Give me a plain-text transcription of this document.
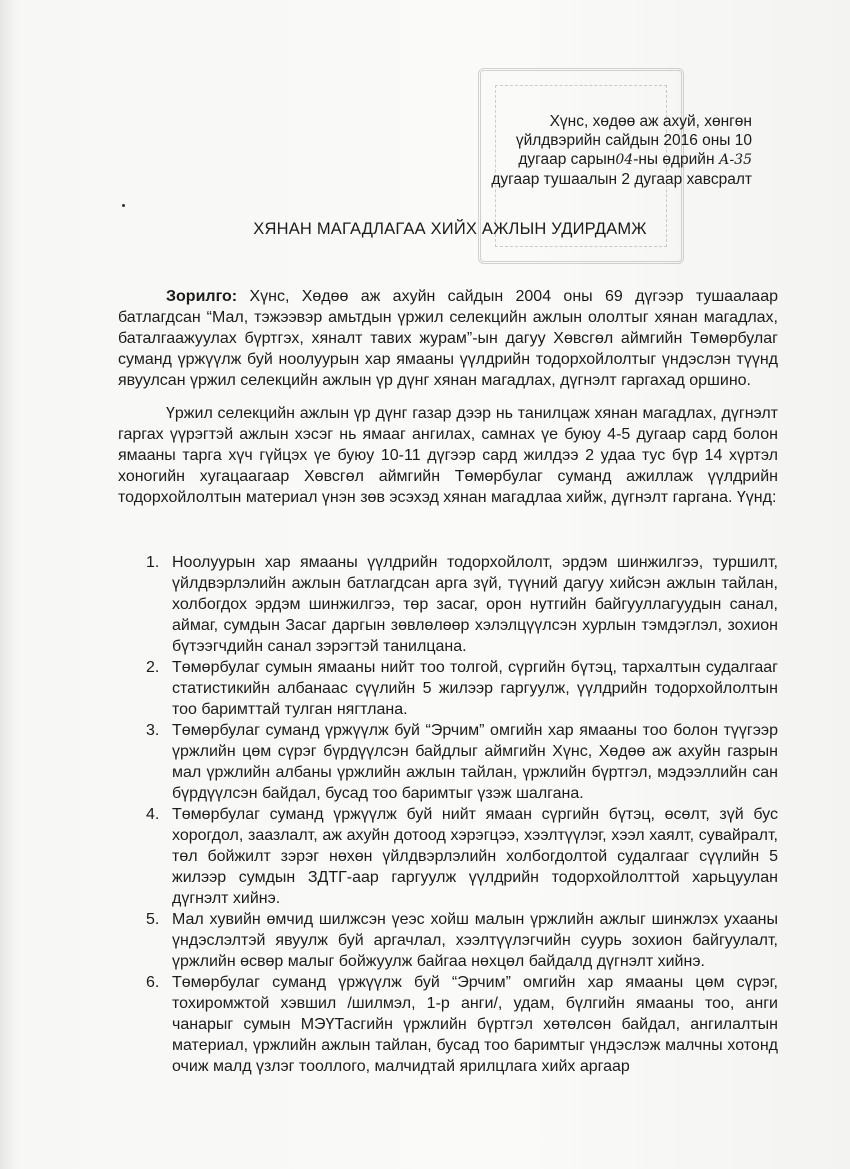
Хүнс, хөдөө аж ахуй, хөнгөн
үйлдвэрийн сайдын 2016 оны 10
дугаар сарын04-ны өдрийн А-35
дугаар тушаалын 2 дугаар хавсралт
ХЯНАН МАГАДЛАГАА ХИЙХ АЖЛЫН УДИРДАМЖ
Зорилго: Хүнс, Хөдөө аж ахуйн сайдын 2004 оны 69 дүгээр тушаалаар батлагдсан “Мал, тэжээвэр амьтдын үржил селекцийн ажлын ололтыг хянан магадлах, баталгаажуулах бүртгэх, хяналт тавих журам”-ын дагуу Хөвсгөл аймгийн Төмөрбулаг суманд үржүүлж буй ноолуурын хар ямааны үүлдрийн тодорхойлолтыг үндэслэн түүнд явуулсан үржил селекцийн ажлын үр дүнг хянан магадлах, дүгнэлт гаргахад оршино.
Үржил селекцийн ажлын үр дүнг газар дээр нь танилцаж хянан магадлах, дүгнэлт гаргах үүрэгтэй ажлын хэсэг нь ямааг ангилах, самнах үе буюу 4-5 дугаар сард болон ямааны тарга хүч гүйцэх үе буюу 10-11 дүгээр сард жилдээ 2 удаа тус бүр 14 хүртэл хоногийн хугацаагаар Хөвсгөл аймгийн Төмөрбулаг суманд ажиллаж үүлдрийн тодорхойлолтын материал үнэн зөв эсэхэд хянан магадлаа хийж, дүгнэлт гаргана. Үүнд:
1. Ноолуурын хар ямааны үүлдрийн тодорхойлолт, эрдэм шинжилгээ, туршилт, үйлдвэрлэлийн ажлын батлагдсан арга зүй, түүний дагуу хийсэн ажлын тайлан, холбогдох эрдэм шинжилгээ, төр засаг, орон нутгийн байгууллагуудын санал, аймаг, сумдын Засаг даргын зөвлөлөөр хэлэлцүүлсэн хурлын тэмдэглэл, зохион бүтээгчдийн санал зэрэгтэй танилцана.
2. Төмөрбулаг сумын ямааны нийт тоо толгой, сүргийн бүтэц, тархалтын судалгааг статистикийн албанаас сүүлийн 5 жилээр гаргуулж, үүлдрийн тодорхойлолтын тоо баримттай тулган нягтлана.
3. Төмөрбулаг суманд үржүүлж буй “Эрчим” омгийн хар ямааны тоо болон түүгээр үржлийн цөм сүрэг бүрдүүлсэн байдлыг аймгийн Хүнс, Хөдөө аж ахуйн газрын мал үржлийн албаны үржлийн ажлын тайлан, үржлийн бүртгэл, мэдээллийн сан бүрдүүлсэн байдал, бусад тоо баримтыг үзэж шалгана.
4. Төмөрбулаг суманд үржүүлж буй нийт ямаан сүргийн бүтэц, өсөлт, зүй бус хорогдол, заазлалт, аж ахуйн дотоод хэрэгцээ, хээлтүүлэг, хээл хаялт, сувайралт, төл бойжилт зэрэг нөхөн үйлдвэрлэлийн холбогдолтой судалгааг сүүлийн 5 жилээр сумдын ЗДТГ-аар гаргуулж үүлдрийн тодорхойлолттой харьцуулан дүгнэлт хийнэ.
5. Мал хувийн өмчид шилжсэн үеэс хойш малын үржлийн ажлыг шинжлэх ухааны үндэслэлтэй явуулж буй аргачлал, хээлтүүлэгчийн суурь зохион байгуулалт, үржлийн өсвөр малыг бойжуулж байгаа нөхцөл байдалд дүгнэлт хийнэ.
6. Төмөрбулаг суманд үржүүлж буй “Эрчим” омгийн хар ямааны цөм сүрэг, тохиромжтой хэвшил /шилмэл, 1-р анги/, удам, бүлгийн ямааны тоо, анги чанарыг сумын МЭҮТасгийн үржлийн бүртгэл хөтөлсөн байдал, ангилалтын материал, үржлийн ажлын тайлан, бусад тоо баримтыг үндэслэж малчны хотонд очиж малд үзлэг тооллого, малчидтай ярилцлага хийх аргаар
